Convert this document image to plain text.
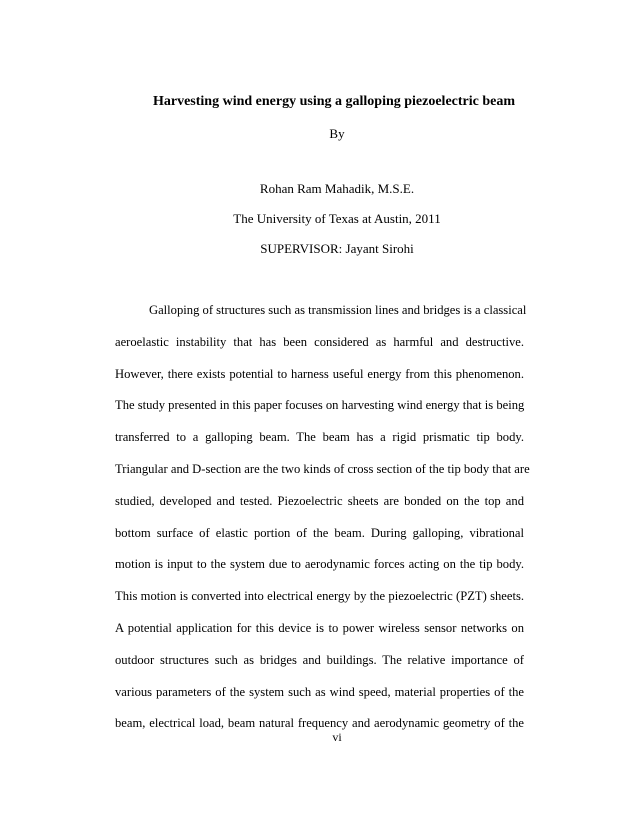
Harvesting wind energy using a galloping piezoelectric beam
By
Rohan Ram Mahadik, M.S.E.
The University of Texas at Austin, 2011
SUPERVISOR: Jayant Sirohi
Galloping of structures such as transmission lines and bridges is a classical
aeroelastic instability that has been considered as harmful and destructive.
However, there exists potential to harness useful energy from this phenomenon.
The study presented in this paper focuses on harvesting wind energy that is being
transferred to a galloping beam. The beam has a rigid prismatic tip body.
Triangular and D-section are the two kinds of cross section of the tip body that are
studied, developed and tested. Piezoelectric sheets are bonded on the top and
bottom surface of elastic portion of the beam. During galloping, vibrational
motion is input to the system due to aerodynamic forces acting on the tip body.
This motion is converted into electrical energy by the piezoelectric (PZT) sheets.
A potential application for this device is to power wireless sensor networks on
outdoor structures such as bridges and buildings. The relative importance of
various parameters of the system such as wind speed, material properties of the
beam, electrical load, beam natural frequency and aerodynamic geometry of the
vi
